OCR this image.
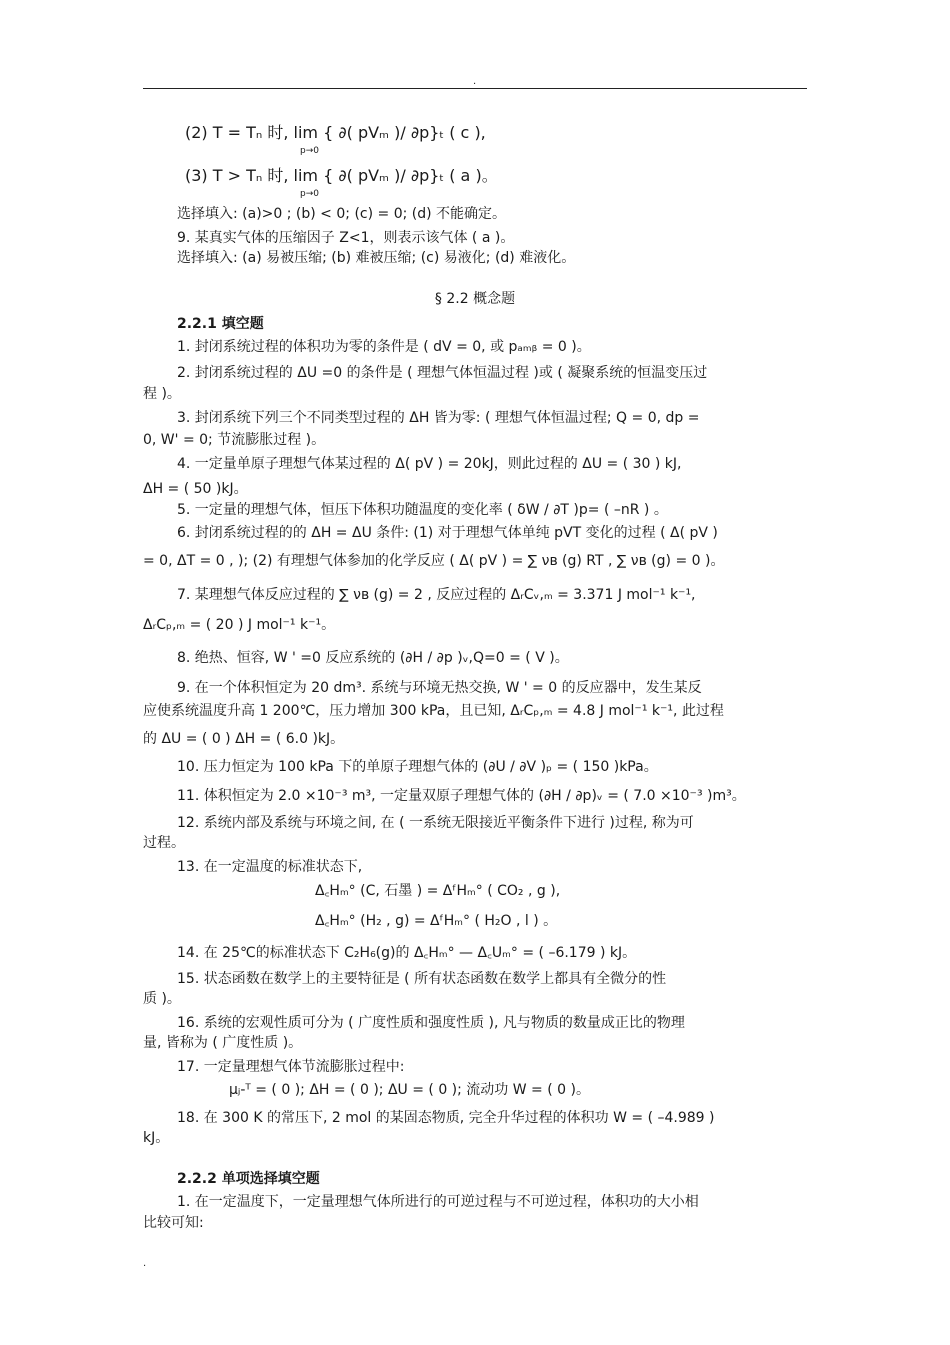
.
(2) T = Tₙ 时, lim { ∂( pVₘ )/ ∂p}ₜ ( c ),
p→0
(3) T > Tₙ 时, lim { ∂( pVₘ )/ ∂p}ₜ ( a )。
p→0
选择填入: (a)>0 ; (b) < 0; (c) = 0; (d) 不能确定。
9. 某真实气体的压缩因子 Z<1，则表示该气体 ( a )。
选择填入: (a) 易被压缩; (b) 难被压缩; (c) 易液化; (d) 难液化。
§ 2.2 概念题
2.2.1 填空题
1. 封闭系统过程的体积功为零的条件是 ( dV = 0, 或 pₐₘᵦ = 0 )。
2. 封闭系统过程的 ΔU =0 的条件是 ( 理想气体恒温过程 )或 ( 凝聚系统的恒温变压过
程 )。
3. 封闭系统下列三个不同类型过程的 ΔH 皆为零: ( 理想气体恒温过程; Q = 0, dp =
0, W' = 0; 节流膨胀过程 )。
4. 一定量单原子理想气体某过程的 Δ( pV ) = 20kJ，则此过程的 ΔU = ( 30 ) kJ,
ΔH = ( 50 )kJ。
5. 一定量的理想气体，恒压下体积功随温度的变化率 ( δW / ∂T )p= ( –nR ) 。
6. 封闭系统过程的的 ΔH = ΔU 条件: (1) 对于理想气体单纯 pVT 变化的过程 ( Δ( pV )
= 0, ΔT = 0 , ); (2) 有理想气体参加的化学反应 ( Δ( pV ) = ∑ νʙ (g) RT , ∑ νʙ (g) = 0 )。
7. 某理想气体反应过程的 ∑ νʙ (g) = 2 , 反应过程的 ΔᵣCᵥ,ₘ = 3.371 J mol⁻¹ k⁻¹,
ΔᵣCₚ,ₘ = ( 20 ) J mol⁻¹ k⁻¹。
8. 绝热、恒容, W ' =0 反应系统的 (∂H / ∂p )ᵥ,Q=0 = ( V )。
9. 在一个体积恒定为 20 dm³. 系统与环境无热交换, W ' = 0 的反应器中，发生某反
应使系统温度升高 1 200℃，压力增加 300 kPa，且已知, ΔᵣCₚ,ₘ = 4.8 J mol⁻¹ k⁻¹, 此过程
的 ΔU = ( 0 ) ΔH = ( 6.0 )kJ。
10. 压力恒定为 100 kPa 下的单原子理想气体的 (∂U / ∂V )ₚ = ( 150 )kPa。
11. 体积恒定为 2.0 ×10⁻³ m³, 一定量双原子理想气体的 (∂H / ∂p)ᵥ = ( 7.0 ×10⁻³ )m³。
12. 系统内部及系统与环境之间, 在 ( 一系统无限接近平衡条件下进行 )过程, 称为可
过程。
13. 在一定温度的标准状态下,
Δ꜀Hₘ° (C, 石墨 ) = ΔᶠHₘ° ( CO₂ , g ),
Δ꜀Hₘ° (H₂ , g) = ΔᶠHₘ° ( H₂O , l ) 。
14. 在 25℃的标准状态下 C₂H₆(g)的 Δ꜀Hₘ° — Δ꜀Uₘ° = ( –6.179 ) kJ。
15. 状态函数在数学上的主要特征是 ( 所有状态函数在数学上都具有全微分的性
质 )。
16. 系统的宏观性质可分为 ( 广度性质和强度性质 ), 凡与物质的数量成正比的物理
量, 皆称为 ( 广度性质 )。
17. 一定量理想气体节流膨胀过程中:
μⱼ-ᵀ = ( 0 ); ΔH = ( 0 ); ΔU = ( 0 ); 流动功 W = ( 0 )。
18. 在 300 K 的常压下, 2 mol 的某固态物质, 完全升华过程的体积功 W = ( –4.989 )
kJ。
2.2.2 单项选择填空题
1. 在一定温度下，一定量理想气体所进行的可逆过程与不可逆过程，体积功的大小相
比较可知:
.
